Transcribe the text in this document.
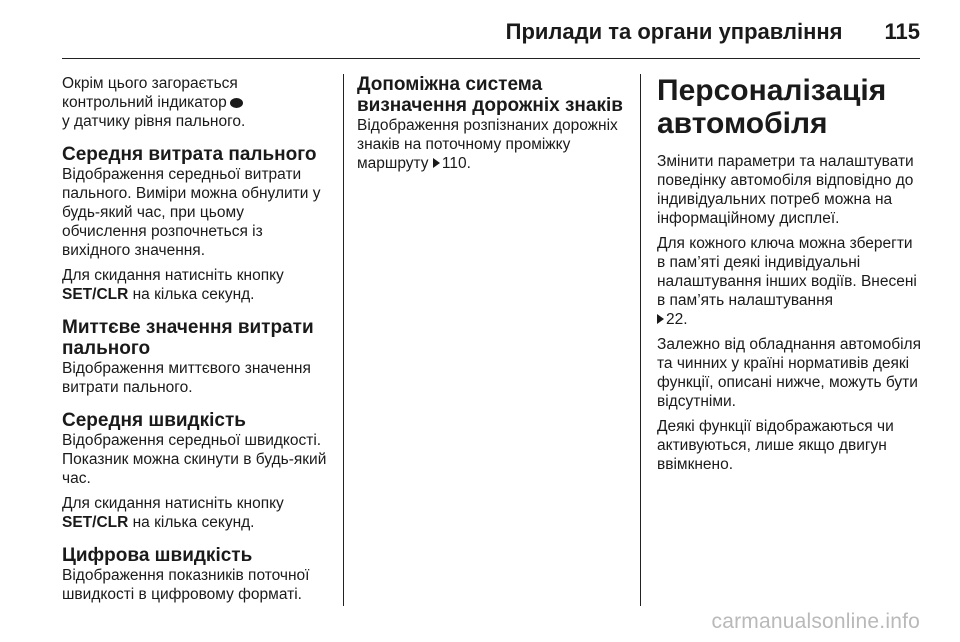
Прилади та органи управління 115

Окрім цього загорається
контрольний індикатор
у датчику рівня пального.

Середня витрата пального

Відображення середньої витрати пального. Виміри можна обнулити у будь-який час, при цьому обчислення розпочнеться із вихідного значення.

Для скидання натисніть кнопку SET/CLR на кілька секунд.

Миттєве значення витрати пального

Відображення миттєвого значення витрати пального.

Середня швидкість

Відображення середньої швидкості. Показник можна скинути в будь-який час.

Для скидання натисніть кнопку SET/CLR на кілька секунд.

Цифрова швидкість

Відображення показників поточної швидкості в цифровому форматі.

Допоміжна система визначення дорожніх знаків

Відображення розпізнаних дорожніх знаків на поточному проміжку маршруту 110.

Персоналізація автомобіля

Змінити параметри та налаштувати поведінку автомобіля відповідно до індивідуальних потреб можна на інформаційному дисплеї.

Для кожного ключа можна зберегти в пам’яті деякі індивідуальні налаштування інших водіїв. Внесені в пам’ять налаштування
22.

Залежно від обладнання автомобіля та чинних у країні нормативів деякі функції, описані нижче, можуть бути відсутніми.

Деякі функції відображаються чи активуються, лише якщо двигун ввімкнено.

carmanualsonline.info
